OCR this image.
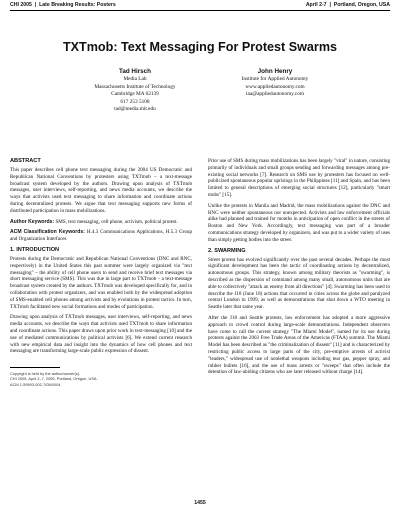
CHI 2005  |  Late Breaking Results: Posters	April 2-7  |  Portland, Oregon, USA
TXTmob: Text Messaging For Protest Swarms
Tad Hirsch
Media Lab
Massachusetts Institute of Technology
Cambridge MA 02139
617 253 5108
tad@media.mit.edu
John Henry
Institute for Applied Autonomy
www.appliedautonomy.com
iaa@appliedautonomy.com
ABSTRACT

This paper describes cell phone text messaging during the 2004 US Democratic and Republican National Conventions by protesters using TXTmob – a text-message broadcast system developed by the authors. Drawing upon analysis of TXTmob messages, user interviews, self-reporting, and news media accounts, we describe the ways that activists used text messaging to share information and coordinate actions during decentralized protests. We argue that text messaging supports new forms of distributed participation in mass mobilizations.

Author Keywords: SMS, text messaging, cell phone, activism, political protest.

ACM Classification Keywords: H.4.3 Communications Applications, H.5.3 Group and Organization Interfaces

1. INTRODUCTION

Protests during the Democratic and Republican National Conventions (DNC and RNC, respectively) in the United States this past summer were largely organized via "text messaging" – the ability of cell phone users to send and receive brief text messages via short messaging service (SMS). This was due in large part to TXTmob – a text-message broadcast system created by the authors. TXTmob was developed specifically for, and in collaboration with protest organizers, and was enabled both by the widespread adoption of SMS-enabled cell phones among activists and by evolutions in protest tactics. In turn, TXTmob facilitated new social formations and modes of participation.

Drawing upon analysis of TXTmob messages, user interviews, self-reporting, and news media accounts, we describe the ways that activists used TXTmob to share information and coordinate actions. This paper draws upon prior work in text-messaging [10] and the use of mediated communications by political activists [6]. We extend current research with new empirical data and insight into the dynamics of how cell phones and text messaging are transforming large-scale public expression of dissent.

Copyright is held by the author/owner(s).
CHI 2005, April 2–7, 2005, Portland, Oregon, USA.
ACM 1-59593-002-7/05/0004.

Prior use of SMS during mass mobilizations has been largely "viral" in nature, consisting primarily of individuals and small groups sending and forwarding messages among pre-existing social networks [7]. Research on SMS use by protesters has focused on well-publicized spontaneous popular uprisings in the Philippines [11] and Spain, and has been limited to general descriptions of emerging social structures [12], particularly "smart mobs" [15].

Unlike the protests in Manila and Madrid, the mass mobilizations against the DNC and RNC were neither spontaneous nor unexpected. Activists and law enforcement officials alike had planned and trained for months in anticipation of open conflict in the streets of Boston and New York. Accordingly, text messaging was part of a broader communications strategy developed by organizers, and was put to a wider variety of uses than simply getting bodies into the street.

2. SWARMING

Street protest has evolved significantly over the past several decades. Perhaps the most significant development has been the tactic of coordinating actions by decentralized, autonomous groups. This strategy, known among military theorists as "swarming", is described as the dispersion of command among many small, autonomous units that are able to collectively "attack an enemy from all directions" [4]. Swarming has been used to describe the J18 (June 18) actions that occurred in cities across the globe and paralyzed central London in 1999, as well as demonstrations that shut down a WTO meeting in Seattle later that same year.

After the J18 and Seattle protests, law enforcement has adopted a more aggressive approach to crowd control during large-scale demonstrations. Independent observers have come to call the current strategy "The Miami Model", named for its use during protests against the 2003 Free Trade Areas of the Americas (FTAA) summit. The Miami Model has been described as "the criminalization of dissent" [11] and is characterized by restricting public access to large parts of the city, pre-emptive arrests of activist "leaders," widespread use of nonlethal weapons including tear gas, pepper spray, and rubber bullets [16], and the use of mass arrests or "sweeps" that often include the detention of law-abiding citizens who are later released without charge [14].

1455
